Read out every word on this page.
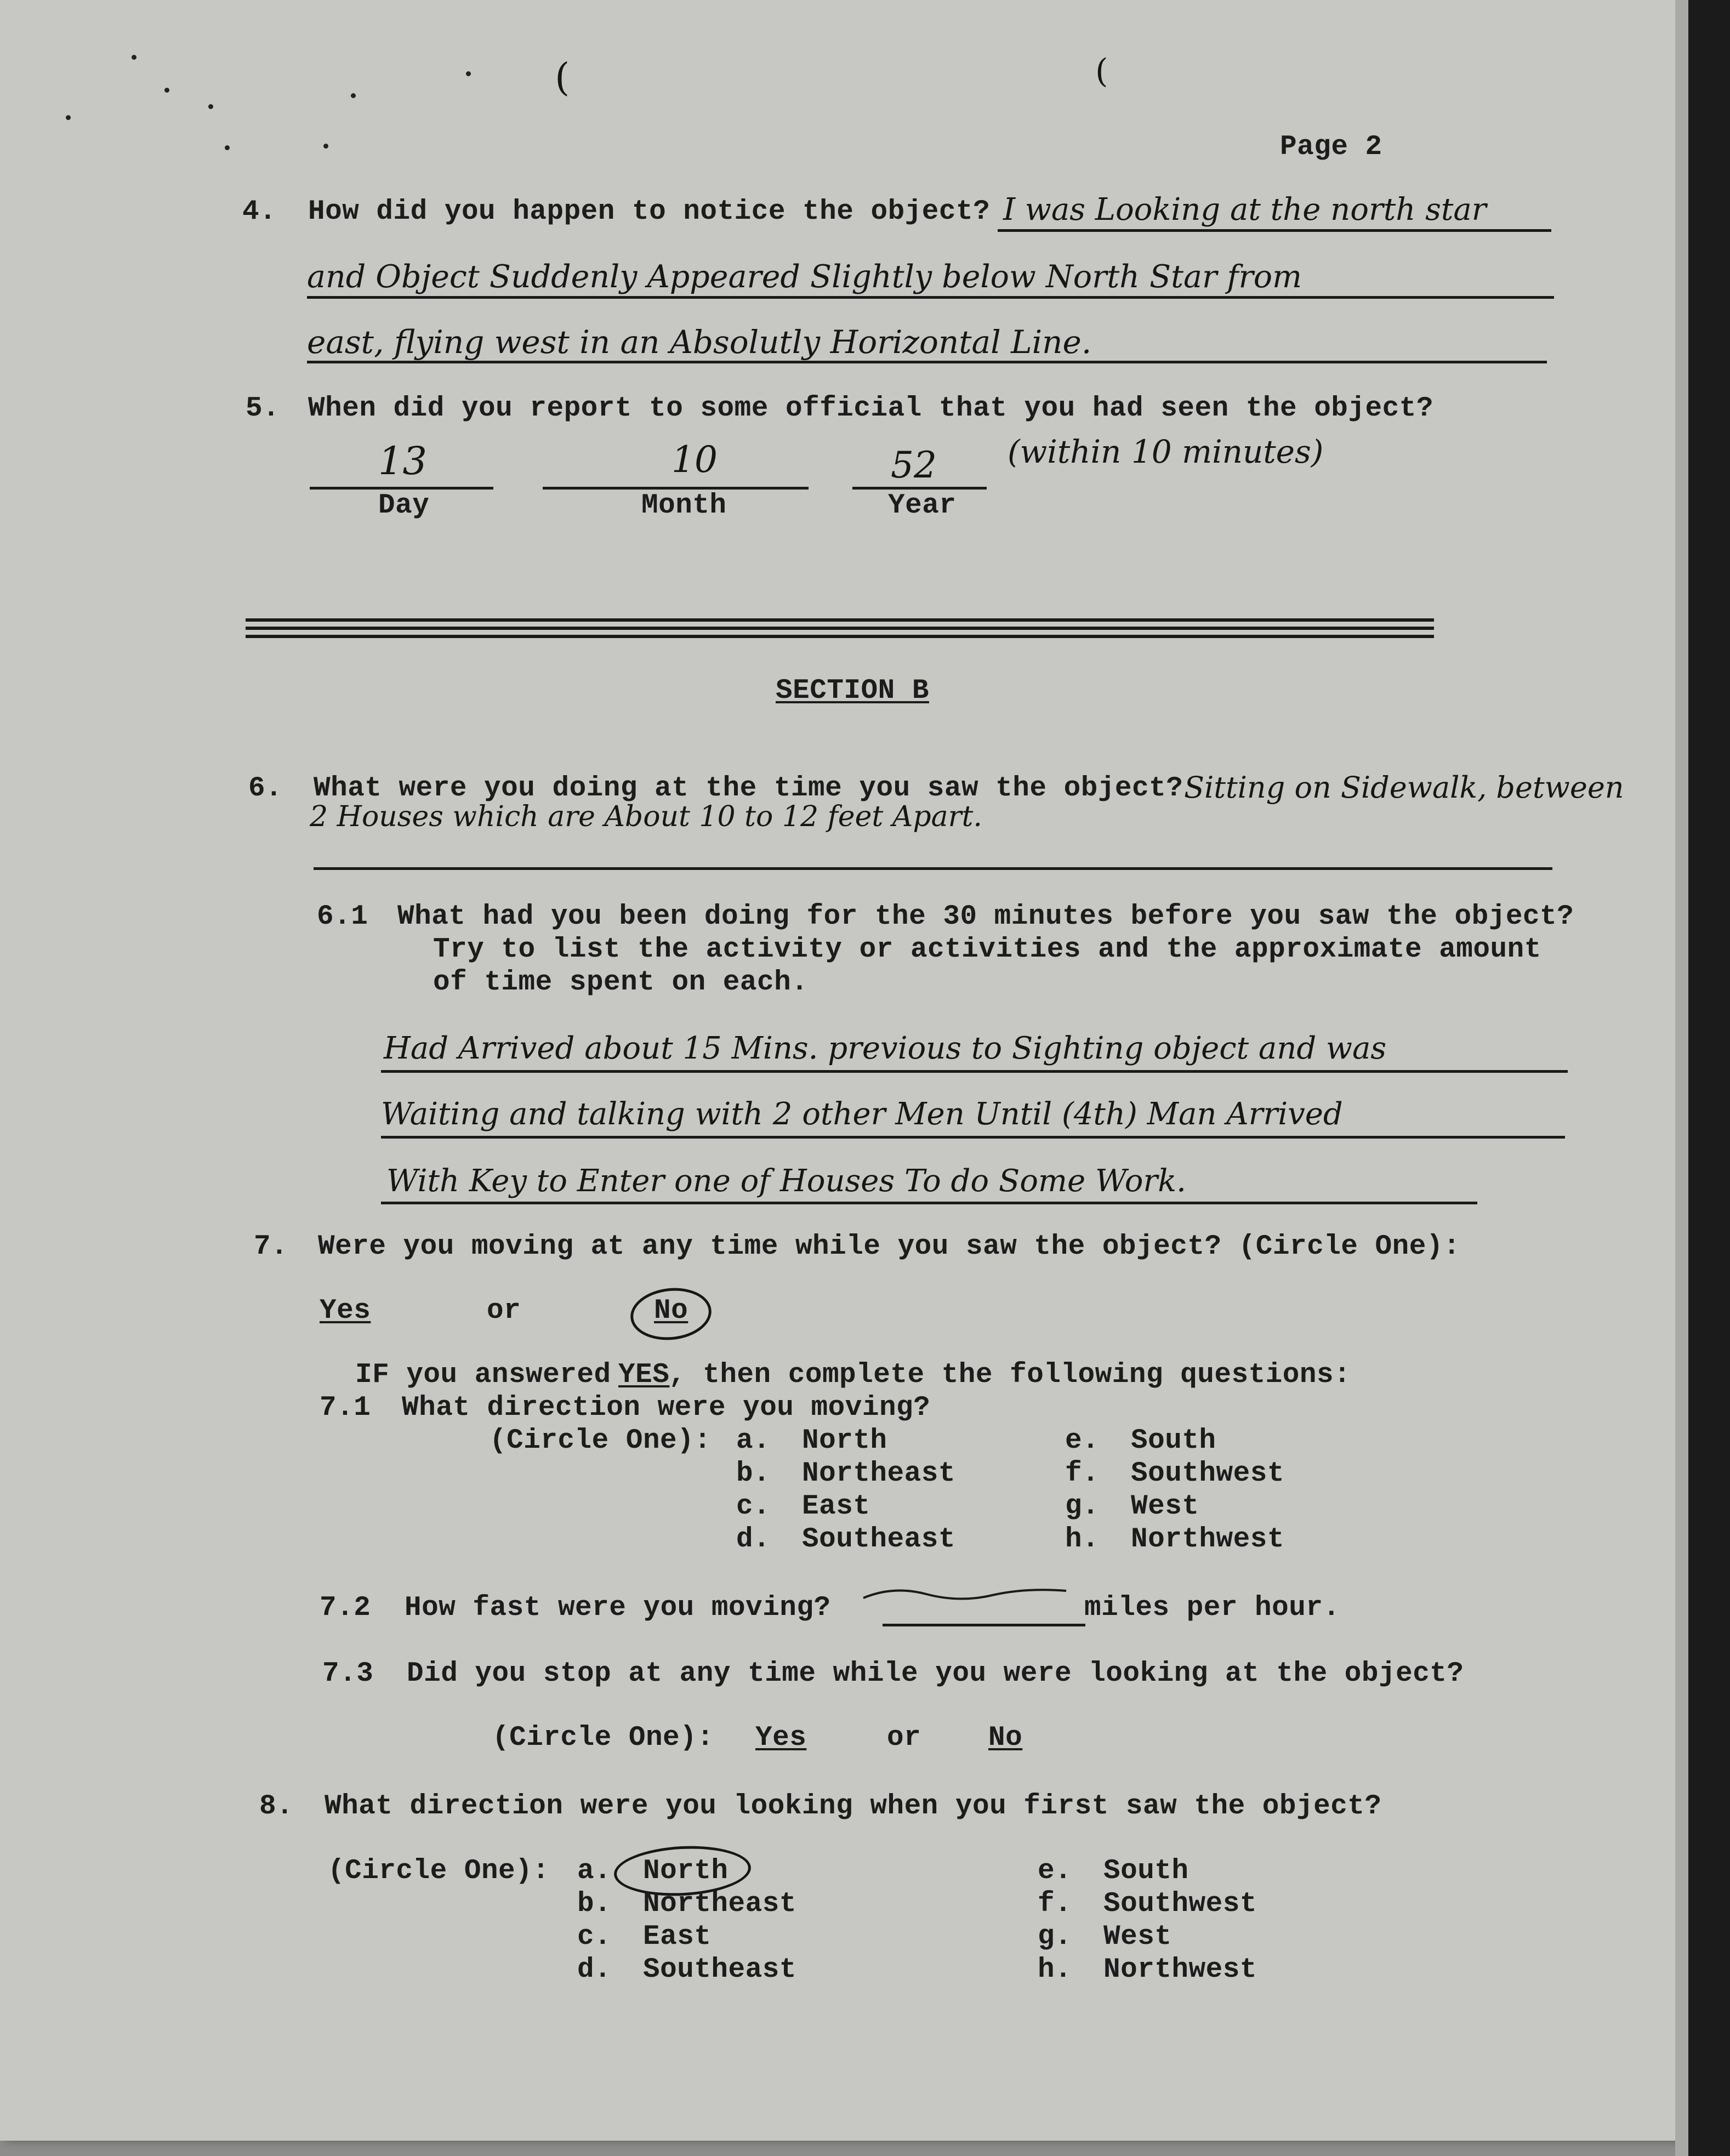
(	(
Page 2
4. How did you happen to notice the object? I was Looking at the north star
and Object Suddenly Appeared Slightly below North Star from
east, flying west in an Absolutly Horizontal Line.
5. When did you report to some official that you had seen the object?
13	10	52 (within 10 minutes)
Day	Month	Year
SECTION B
6. What were you doing at the time you saw the object? Sitting on Sidewalk, between
2 Houses which are About 10 to 12 feet Apart.
6.1 What had you been doing for the 30 minutes before you saw the object?
Try to list the activity or activities and the approximate amount
of time spent on each.
Had Arrived about 15 Mins. previous to Sighting object and was
Waiting and talking with 2 other Men Until (4th) Man Arrived
With Key to Enter one of Houses To do Some Work.
7. Were you moving at any time while you saw the object? (Circle One):
Yes	or	No
IF you answered YES
, then complete the following questions:
7.1 What direction were you moving?
(Circle One): a. North
b. Northeast
c. East
d. Southeast
e. South
f. Southwest
g. West
h. Northwest
7.2 How fast were you moving?	miles per hour.
7.3 Did you stop at any time while you were looking at the object?
(Circle One): Yes	or No
8. What direction were you looking when you first saw the object?
(Circle One): a. North
b. Northeast
c. East
d. Southeast
e. South
f. Southwest
g. West
h. Northwest
